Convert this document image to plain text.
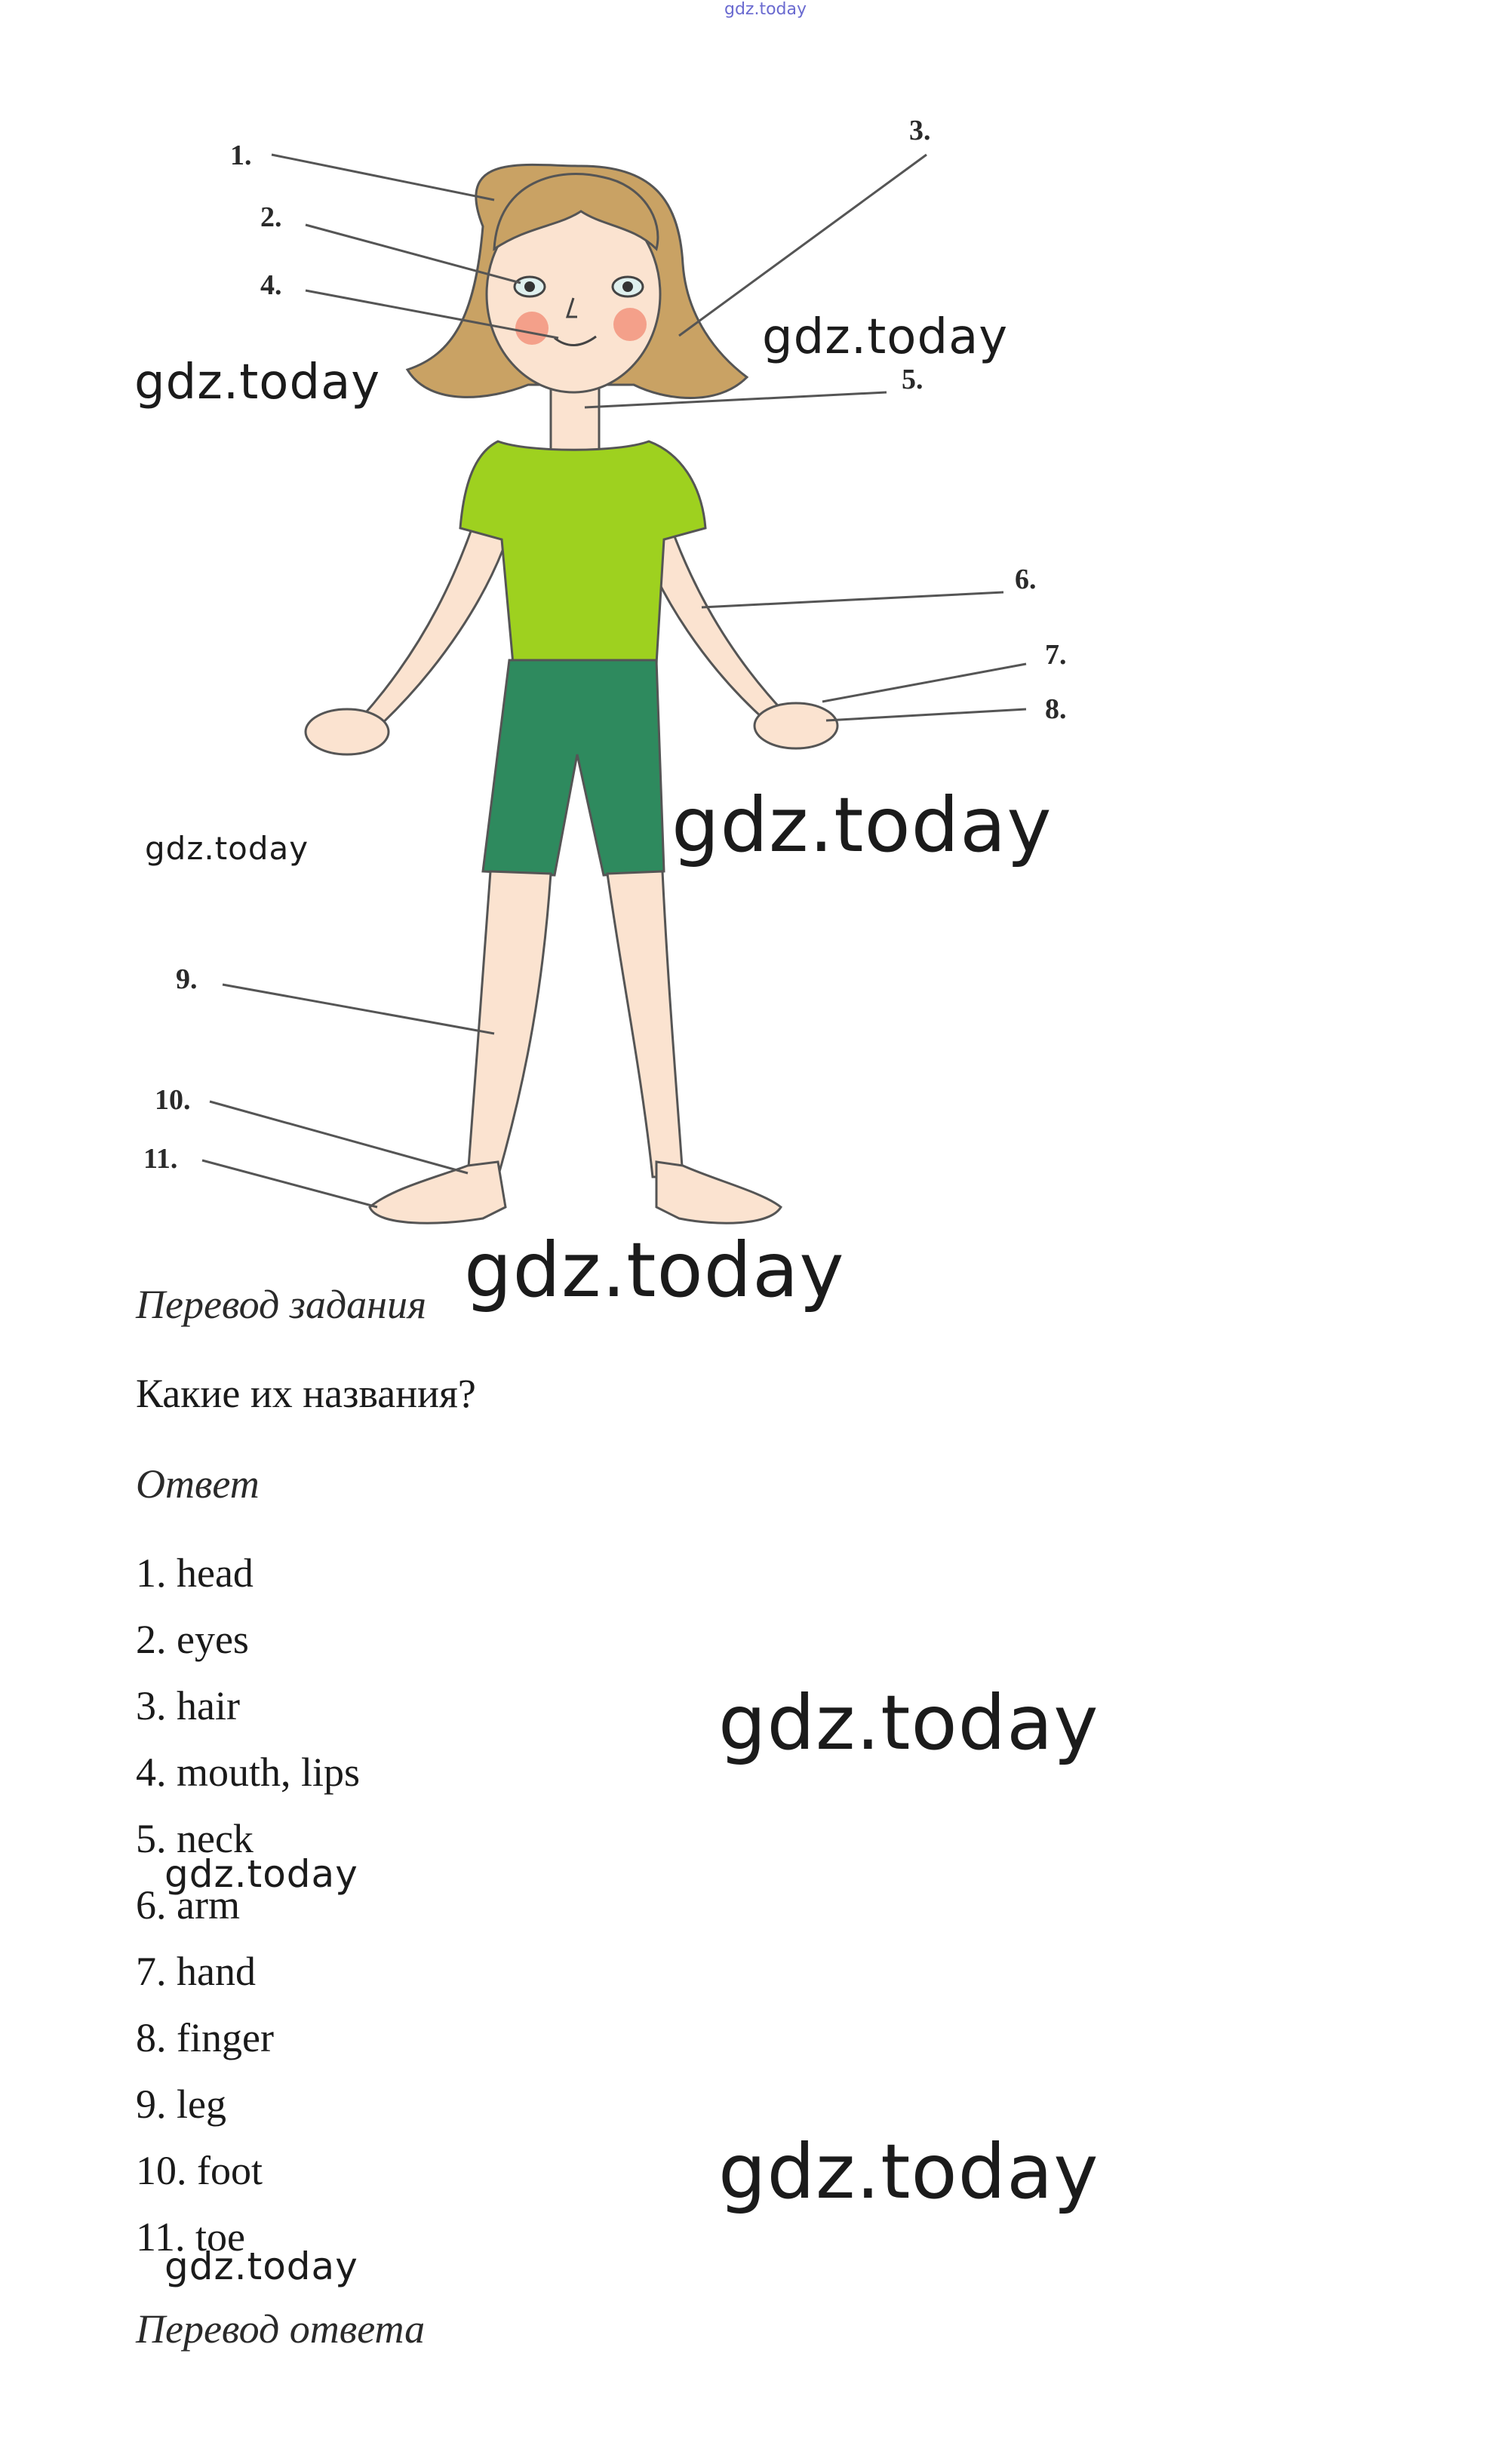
gdz.today
1.
2.
3.
4.
5.
6.
7.
8.
9.
10.
11.
gdz.today
gdz.today
gdz.today	gdz.today
gdz.today
gdz.today
gdz.today
gdz.today
gdz.today
Перевод задания
Какие их названия?
Ответ
1. head
2. eyes
3. hair
4. mouth, lips
5. neck
6. arm
7. hand
8. finger
9. leg
10. foot
11. toe
Перевод ответа
